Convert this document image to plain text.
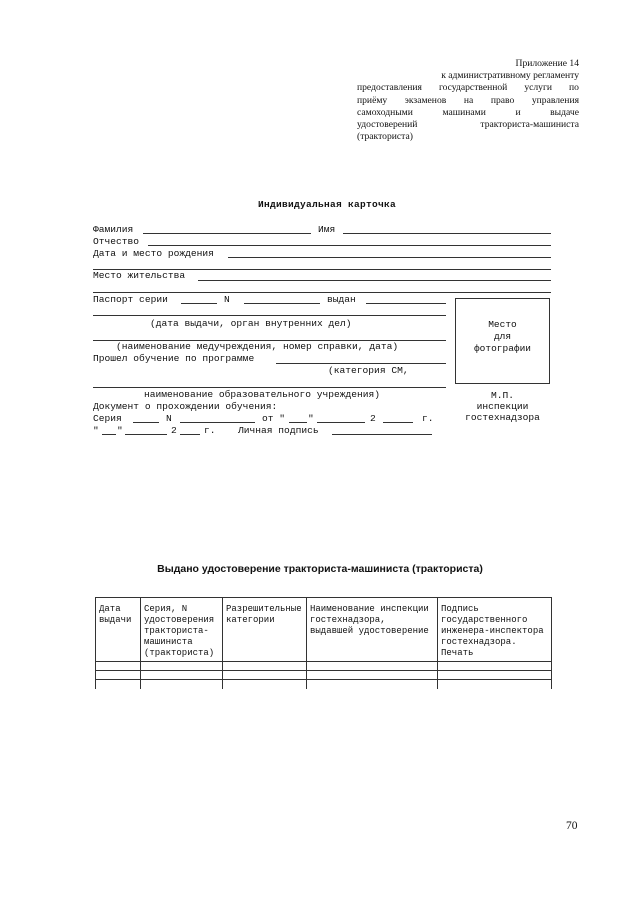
Приложение 14
к административному регламенту
предоставления государственной услуги по
приёму экзаменов на право управления
самоходными	машинами	и	выдаче
удостоверений	тракториста-машиниста
(тракториста)
Индивидуальная карточка
Фамилия	Имя
Отчество
Дата и место рождения
Место жительства
Паспорт серии	N	выдан
(дата выдачи, орган внутренних дел)
(наименование медучреждения, номер справки, дата)
Прошел обучение по программе
(категория СМ,
наименование образовательного учреждения)
Документ о прохождении обучения:
Серия	N	от " "	2	г.
" "	2	г. Личная подпись
Место
для
фотографии
М.П.
инспекции
гостехнадзора
Выдано удостоверение тракториста-машиниста (тракториста)
Дата выдачи	Серия, N удостоверения тракториста-машиниста (тракториста)	Разрешительные категории	Наименование инспекции гостехнадзора, выдавшей удостоверение	Подпись государственного инженера-инспектора гостехнадзора. Печать

70
